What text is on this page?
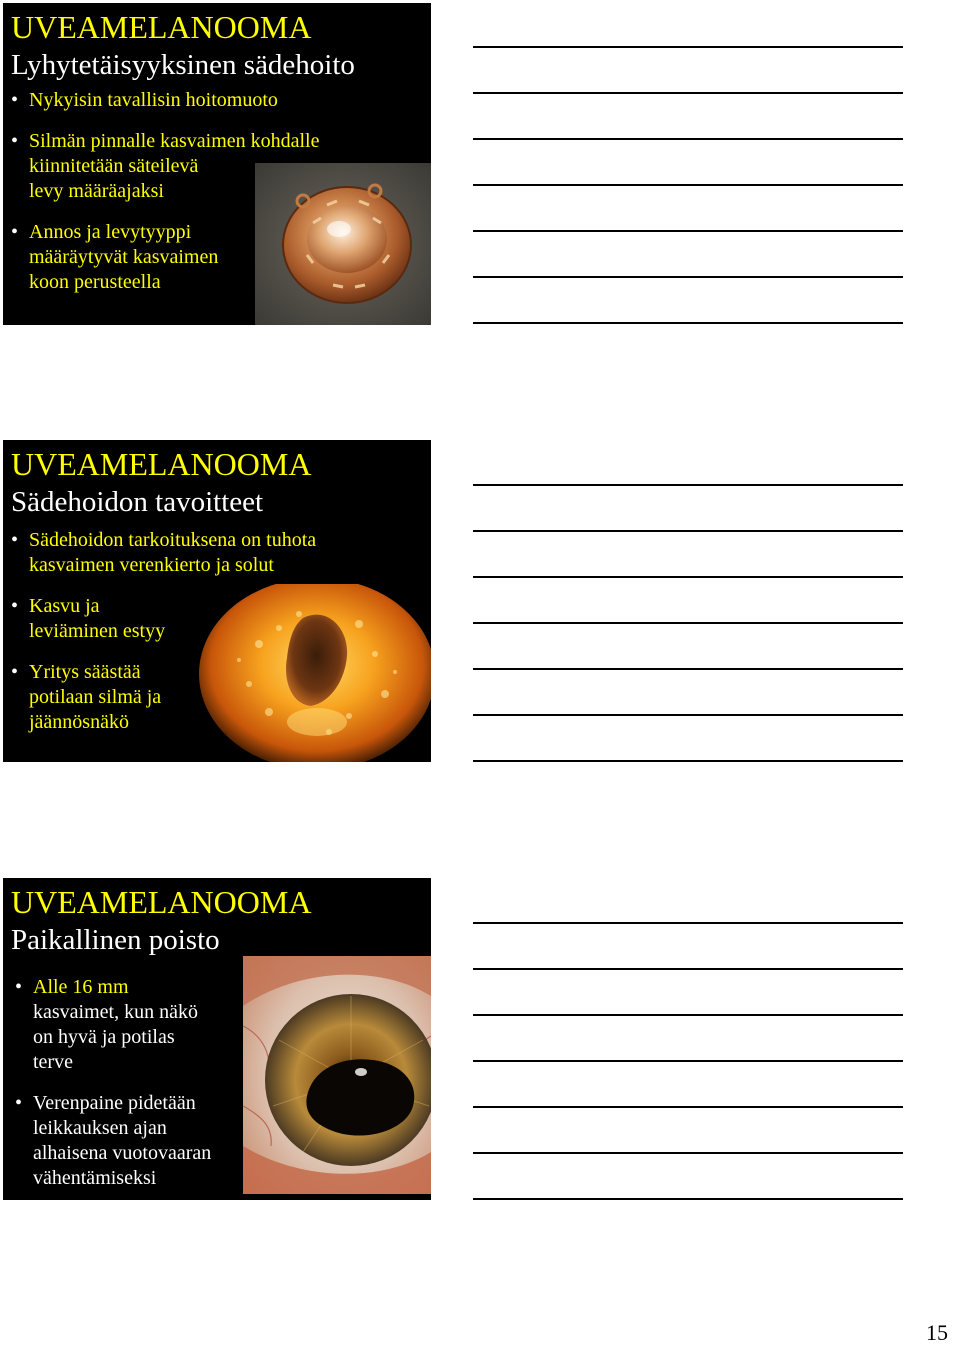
UVEAMELANOOMA
Lyhytetäisyyksinen sädehoito
• Nykyisin tavallisin hoitomuoto
• Silmän pinnalle kasvaimen kohdalle
kiinnitetään säteilevä
levy määräajaksi
• Annos ja levytyyppi
määräytyvät kasvaimen
koon perusteella
UVEAMELANOOMA
Sädehoidon tavoitteet
• Sädehoidon tarkoituksena on tuhota
kasvaimen verenkierto ja solut
• Kasvu ja
leviäminen estyy
• Yritys säästää
potilaan silmä ja
jäännösnäkö
UVEAMELANOOMA
Paikallinen poisto
• Alle 16 mm
kasvaimet, kun näkö
on hyvä ja potilas
terve
• Verenpaine pidetään
leikkauksen ajan
alhaisena vuotovaaran
vähentämiseksi
15
